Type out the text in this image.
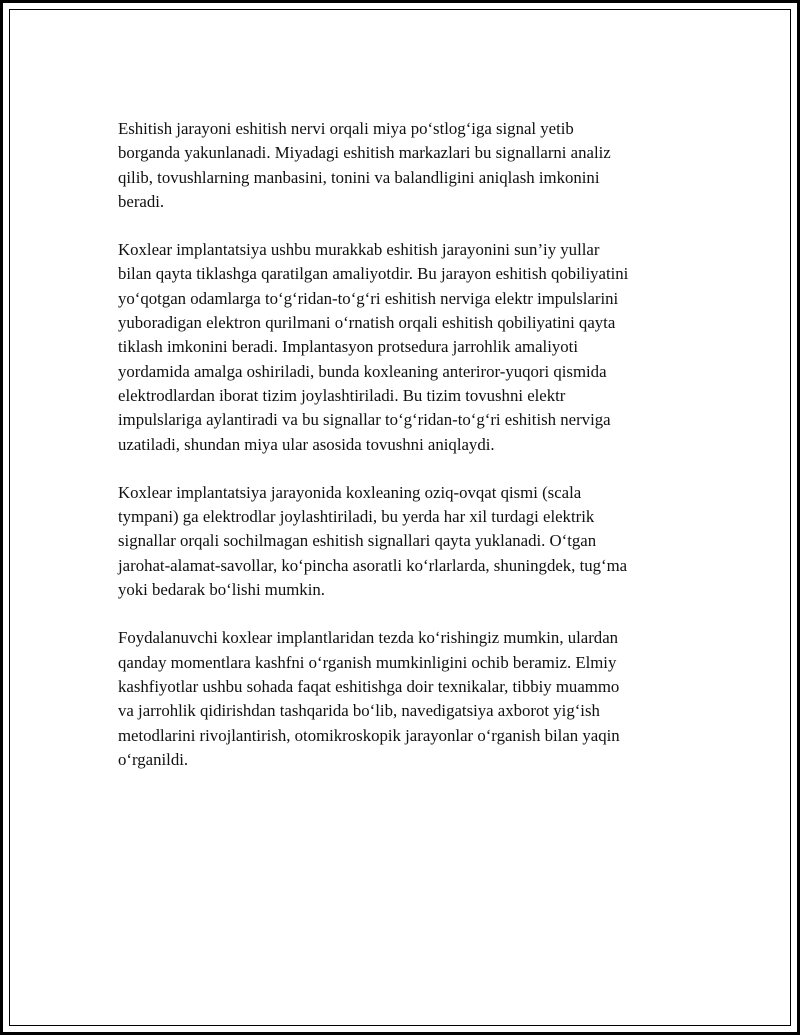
Eshitish jarayoni eshitish nervi orqali miya po‘stlog‘iga signal yetib
borganda yakunlanadi. Miyadagi eshitish markazlari bu signallarni analiz
qilib, tovushlarning manbasini, tonini va balandligini aniqlash imkonini
beradi.

Koxlear implantatsiya ushbu murakkab eshitish jarayonini sun’iy yullar
bilan qayta tiklashga qaratilgan amaliyotdir. Bu jarayon eshitish qobiliyatini
yo‘qotgan odamlarga to‘g‘ridan-to‘g‘ri eshitish nerviga elektr impulslarini
yuboradigan elektron qurilmani o‘rnatish orqali eshitish qobiliyatini qayta
tiklash imkonini beradi. Implantasyon protsedura jarrohlik amaliyoti
yordamida amalga oshiriladi, bunda koxleaning anteriror-yuqori qismida
elektrodlardan iborat tizim joylashtiriladi. Bu tizim tovushni elektr
impulslariga aylantiradi va bu signallar to‘g‘ridan-to‘g‘ri eshitish nerviga
uzatiladi, shundan miya ular asosida tovushni aniqlaydi.

Koxlear implantatsiya jarayonida koxleaning oziq-ovqat qismi (scala
tympani) ga elektrodlar joylashtiriladi, bu yerda har xil turdagi elektrik
signallar orqali sochilmagan eshitish signallari qayta yuklanadi. O‘tgan
jarohat-alamat-savollar, ko‘pincha asoratli ko‘rlarlarda, shuningdek, tug‘ma
yoki bedarak bo‘lishi mumkin.

Foydalanuvchi koxlear implantlaridan tezda ko‘rishingiz mumkin, ulardan
qanday momentlara kashfni o‘rganish mumkinligini ochib beramiz. Elmiy
kashfiyotlar ushbu sohada faqat eshitishga doir texnikalar, tibbiy muammo
va jarrohlik qidirishdan tashqarida bo‘lib, navedigatsiya axborot yig‘ish
metodlarini rivojlantirish, otomikroskopik jarayonlar o‘rganish bilan yaqin
o‘rganildi.
